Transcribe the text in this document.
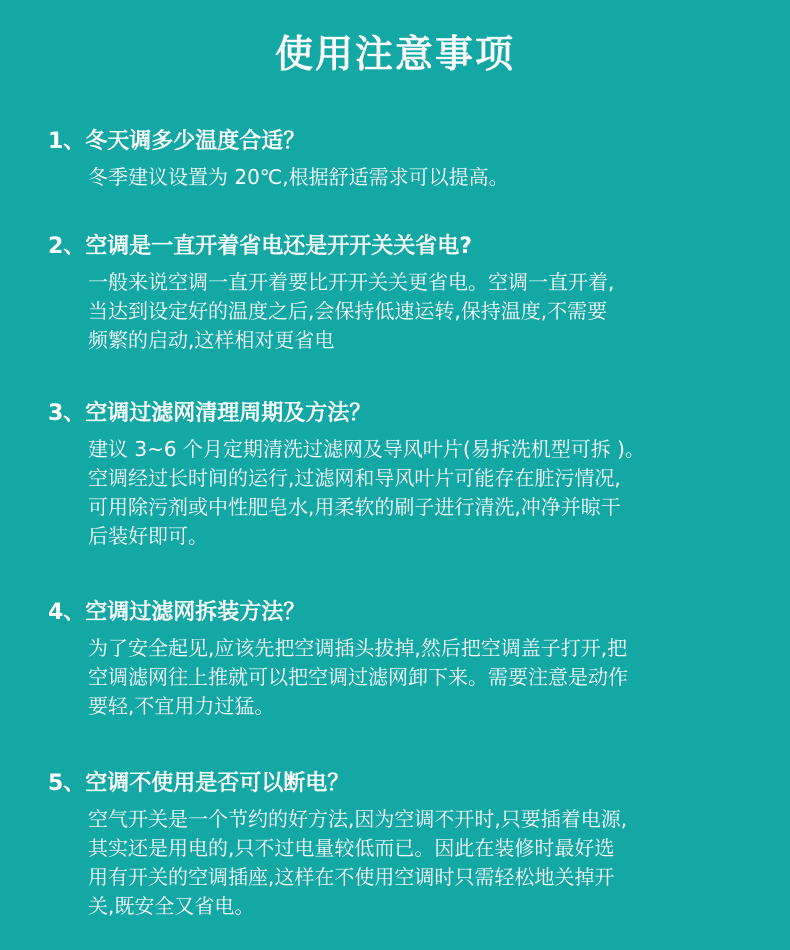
使用注意事项
1、冬天调多少温度合适？
冬季建议设置为 20℃,根据舒适需求可以提高。
2、空调是一直开着省电还是开开关关省电?
一般来说空调一直开着要比开开关关更省电。空调一直开着,
当达到设定好的温度之后,会保持低速运转,保持温度,不需要
频繁的启动,这样相对更省电
3、空调过滤网清理周期及方法？
建议 3~6 个月定期清洗过滤网及导风叶片(易拆洗机型可拆 )。
空调经过长时间的运行,过滤网和导风叶片可能存在脏污情况,
可用除污剂或中性肥皂水,用柔软的刷子进行清洗,冲净并晾干
后装好即可。
4、空调过滤网拆装方法？
为了安全起见,应该先把空调插头拔掉,然后把空调盖子打开,把
空调滤网往上推就可以把空调过滤网卸下来。需要注意是动作
要轻,不宜用力过猛。
5、空调不使用是否可以断电？
空气开关是一个节约的好方法,因为空调不开时,只要插着电源,
其实还是用电的,只不过电量较低而已。因此在装修时最好选
用有开关的空调插座,这样在不使用空调时只需轻松地关掉开
关,既安全又省电。
